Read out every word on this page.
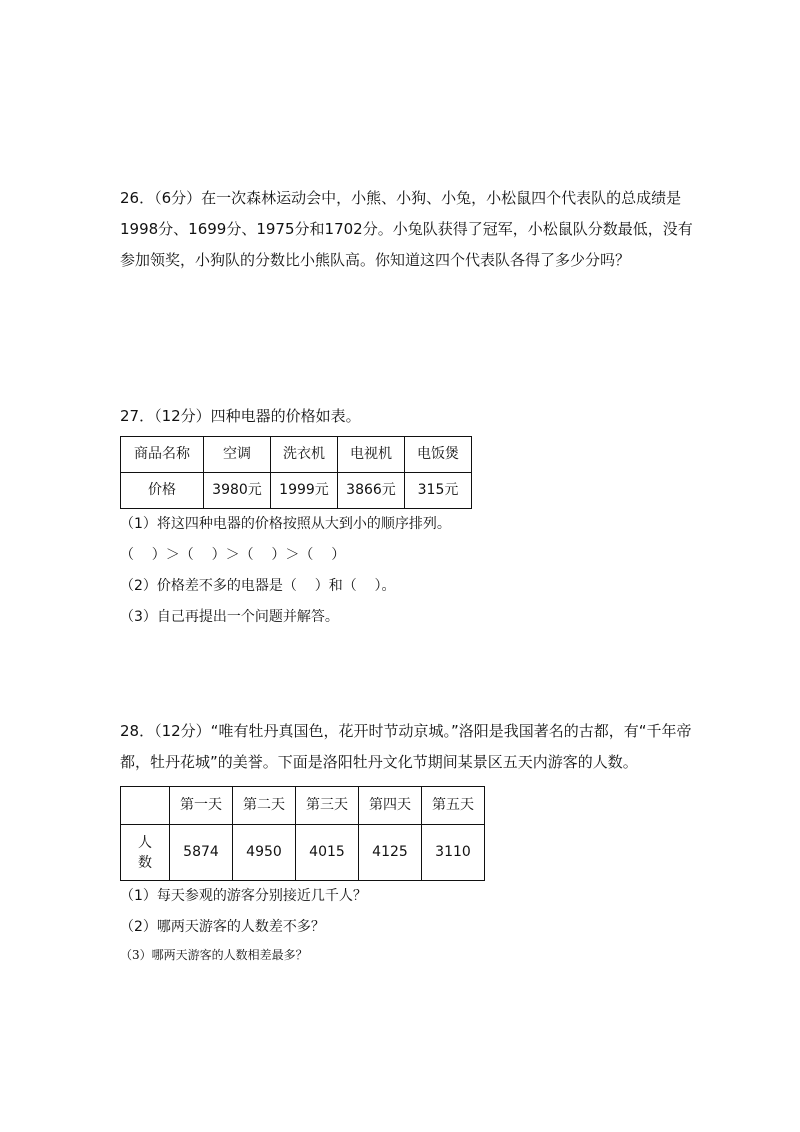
26．（6分）在一次森林运动会中，小熊、小狗、小兔，小松鼠四个代表队的总成绩是1998分、1699分、1975分和1702分。小兔队获得了冠军，小松鼠队分数最低，没有参加领奖，小狗队的分数比小熊队高。你知道这四个代表队各得了多少分吗？

27．（12分）四种电器的价格如表。

商品名称	空调	洗衣机	电视机	电饭煲
价格	3980元	1999元	3866元	315元

（1）将这四种电器的价格按照从大到小的顺序排列。

（    ）＞（    ）＞（    ）＞（    ）

（2）价格差不多的电器是（    ）和（    ）。

（3）自己再提出一个问题并解答。

28．（12分）“唯有牡丹真国色，花开时节动京城。”洛阳是我国著名的古都，有“千年帝都，牡丹花城”的美誉。下面是洛阳牡丹文化节期间某景区五天内游客的人数。

	第一天	第二天	第三天	第四天	第五天
人
数	5874	4950	4015	4125	3110

（1）每天参观的游客分别接近几千人？

（2）哪两天游客的人数差不多？

（3）哪两天游客的人数相差最多？
